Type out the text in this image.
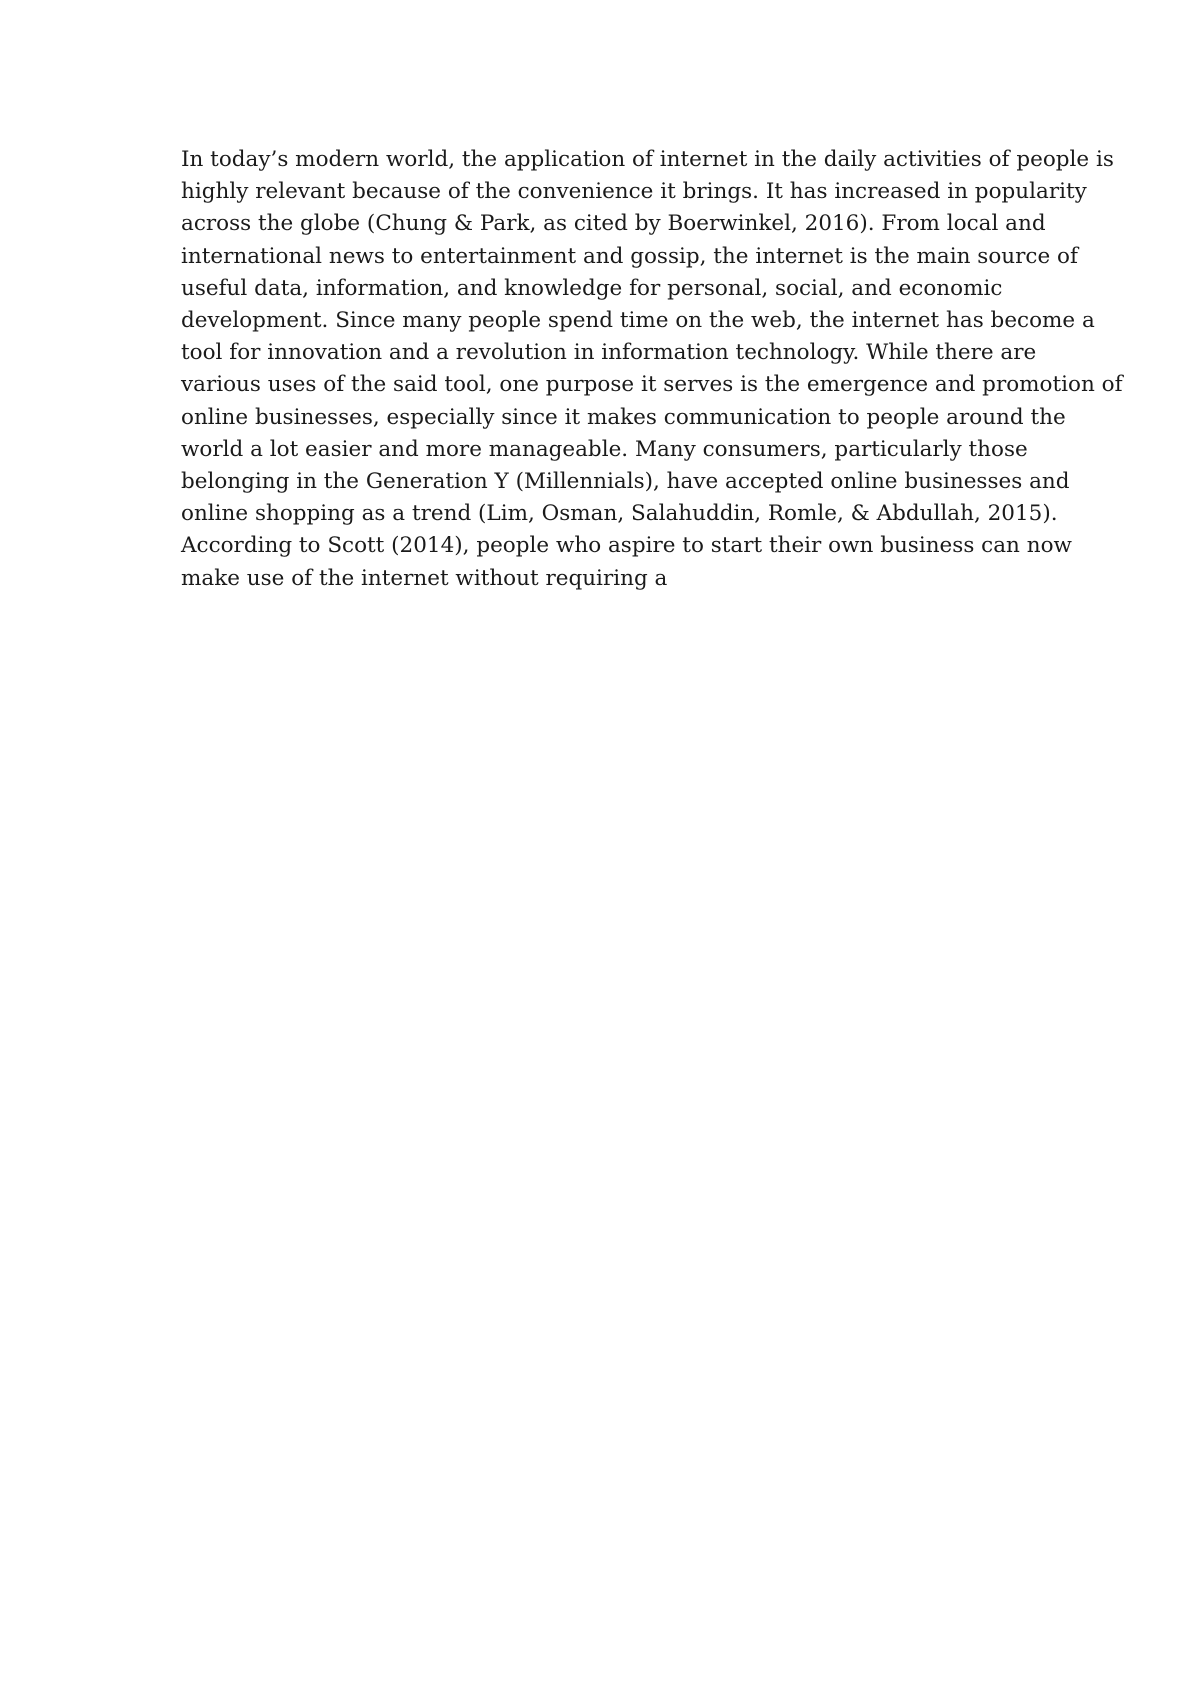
In today’s modern world, the application of internet in the daily activities of people is
highly relevant because of the convenience it brings. It has increased in popularity
across the globe (Chung & Park, as cited by Boerwinkel, 2016). From local and
international news to entertainment and gossip, the internet is the main source of
useful data, information, and knowledge for personal, social, and economic
development. Since many people spend time on the web, the internet has become a
tool for innovation and a revolution in information technology. While there are
various uses of the said tool, one purpose it serves is the emergence and promotion of
online businesses, especially since it makes communication to people around the
world a lot easier and more manageable. Many consumers, particularly those
belonging in the Generation Y (Millennials), have accepted online businesses and
online shopping as a trend (Lim, Osman, Salahuddin, Romle, & Abdullah, 2015).
According to Scott (2014), people who aspire to start their own business can now
make use of the internet without requiring a
